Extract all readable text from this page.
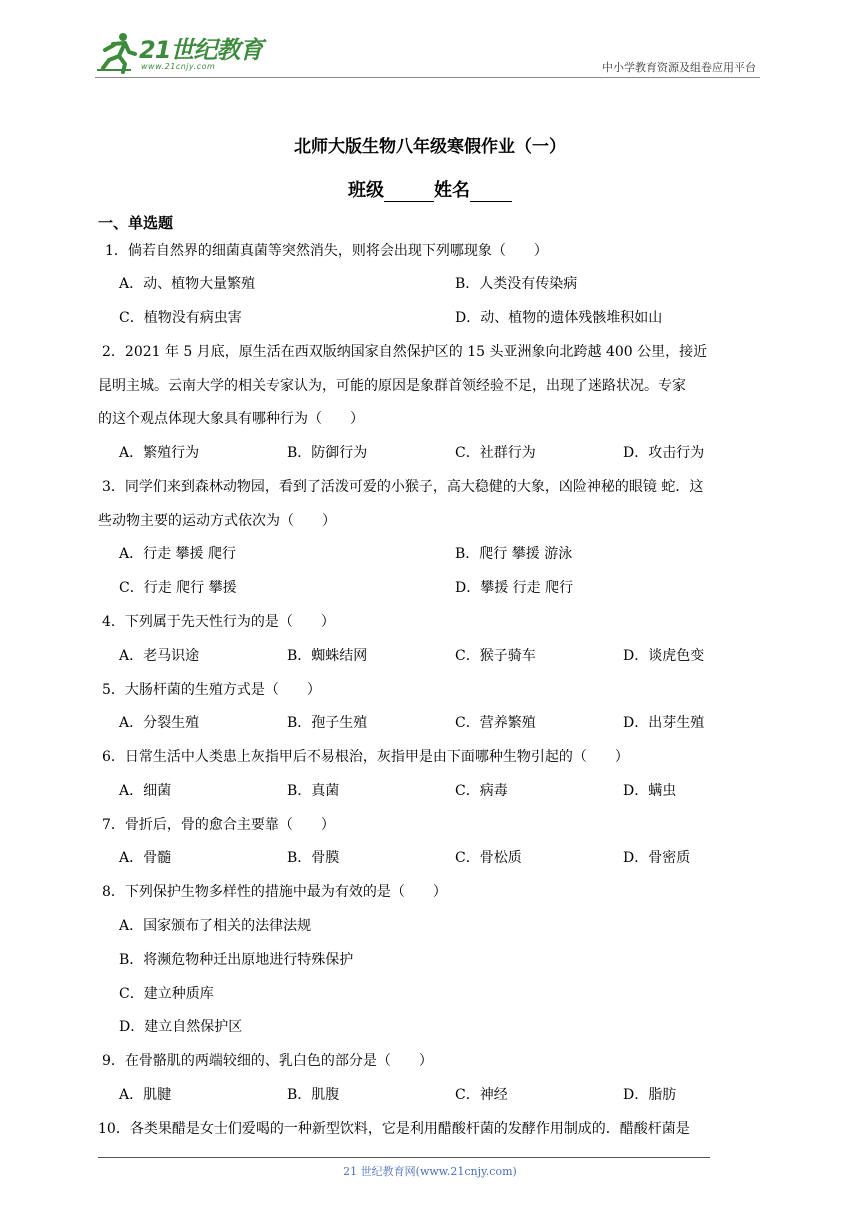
21世纪教育
www.21cnjy.com	中小学教育资源及组卷应用平台
北师大版生物八年级寒假作业（一）
班级	姓名
一、单选题
1．倘若自然界的细菌真菌等突然消失，则将会出现下列哪现象（　　）
A．动、植物大量繁殖	B．人类没有传染病
C．植物没有病虫害	D．动、植物的遗体残骸堆积如山
2．2021 年 5 月底，原生活在西双版纳国家自然保护区的 15 头亚洲象向北跨越 400 公里，接近
昆明主城。云南大学的相关专家认为，可能的原因是象群首领经验不足，出现了迷路状况。专家
的这个观点体现大象具有哪种行为（　　）
A．繁殖行为	B．防御行为	C．社群行为	D．攻击行为
3．同学们来到森林动物园，看到了活泼可爱的小猴子，高大稳健的大象，凶险神秘的眼镜 蛇．这
些动物主要的运动方式依次为（　　）
A．行走 攀援 爬行	B．爬行 攀援 游泳
C．行走 爬行 攀援	D．攀援 行走 爬行
4．下列属于先天性行为的是（　　）
A．老马识途	B．蜘蛛结网	C．猴子骑车	D．谈虎色变
5．大肠杆菌的生殖方式是（　　）
A．分裂生殖	B．孢子生殖	C．营养繁殖	D．出芽生殖
6．日常生活中人类患上灰指甲后不易根治，灰指甲是由下面哪种生物引起的（　　）
A．细菌	B．真菌	C．病毒	D．螨虫
7．骨折后，骨的愈合主要靠（　　）
A．骨髓	B．骨膜	C．骨松质	D．骨密质
8．下列保护生物多样性的措施中最为有效的是（　　）
A．国家颁布了相关的法律法规
B．将濒危物种迁出原地进行特殊保护
C．建立种质库
D．建立自然保护区
9．在骨骼肌的两端较细的、乳白色的部分是（　　）
A．肌腱	B．肌腹	C．神经	D．脂肪
10．各类果醋是女士们爱喝的一种新型饮料，它是利用醋酸杆菌的发酵作用制成的．醋酸杆菌是
21 世纪教育网(www.21cnjy.com)
